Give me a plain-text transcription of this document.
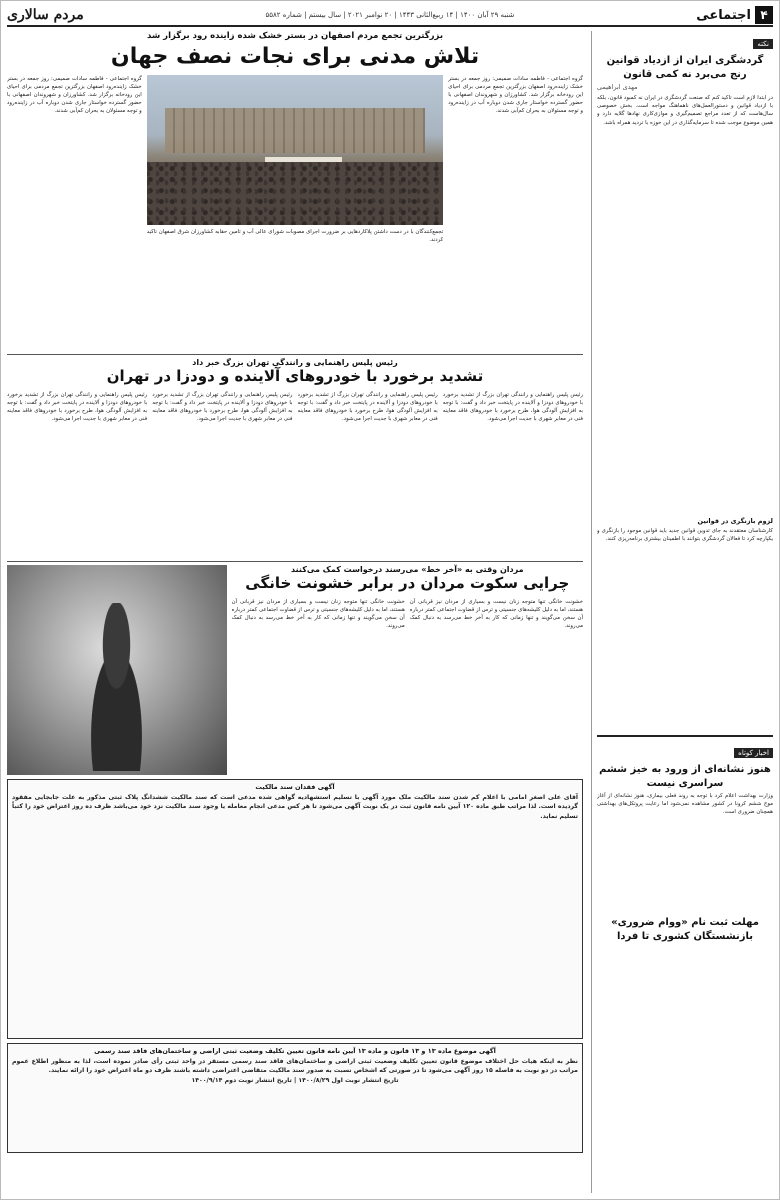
۴
اجتماعی
شنبه ۲۹ آبان ۱۴۰۰ | ۱۴ ربیع‌الثانی ۱۴۴۳ | ۲۰ نوامبر ۲۰۲۱ | سال بیستم | شماره ۵۵۸۲
مردم سالاری
نکته
گردشگری ایران از ازدیاد قوانین رنج می‌برد نه کمی قانون
مهدی ابراهیمی
در ابتدا لازم است تاکید کنم که صنعت گردشگری در ایران نه کمبود قانون، بلکه با ازدیاد قوانین و دستورالعمل‌های ناهماهنگ مواجه است. بخش خصوصی سال‌هاست که از تعدد مراجع تصمیم‌گیری و موازی‌کاری نهادها گلایه دارد و همین موضوع موجب شده تا سرمایه‌گذاری در این حوزه با تردید همراه باشد.
لزوم بازنگری در قوانین
کارشناسان معتقدند به جای تدوین قوانین جدید باید قوانین موجود را بازنگری و یکپارچه کرد تا فعالان گردشگری بتوانند با اطمینان بیشتری برنامه‌ریزی کنند.
اخبار کوتاه
هنوز نشانه‌ای از ورود به خیز ششم سراسری نیست
وزارت بهداشت اعلام کرد با توجه به روند فعلی بیماری، هنوز نشانه‌ای از آغاز موج ششم کرونا در کشور مشاهده نمی‌شود اما رعایت پروتکل‌های بهداشتی همچنان ضروری است.
مهلت ثبت نام «ووام ضروری» بازنشستگان کشوری تا فردا
بزرگترین تجمع مردم اصفهان در بستر خشک شده زاینده رود برگزار شد
تلاش مدنی برای نجات نصف جهان
گروه اجتماعی - فاطمه سادات صمیمی: روز جمعه در بستر خشک زاینده‌رود اصفهان بزرگترین تجمع مردمی برای احیای این رودخانه برگزار شد. کشاورزان و شهروندان اصفهانی با حضور گسترده خواستار جاری شدن دوباره آب در زاینده‌رود و توجه مسئولان به بحران کم‌آبی شدند.
تجمع‌کنندگان با در دست داشتن پلاکاردهایی بر ضرورت اجرای مصوبات شورای عالی آب و تامین حقابه کشاورزان شرق اصفهان تاکید کردند.
گروه اجتماعی - فاطمه سادات صمیمی: روز جمعه در بستر خشک زاینده‌رود اصفهان بزرگترین تجمع مردمی برای احیای این رودخانه برگزار شد. کشاورزان و شهروندان اصفهانی با حضور گسترده خواستار جاری شدن دوباره آب در زاینده‌رود و توجه مسئولان به بحران کم‌آبی شدند.
رئیس پلیس راهنمایی و رانندگی تهران بزرگ خبر داد
تشدید برخورد با خودروهای آلاینده و دودزا در تهران
رئیس پلیس راهنمایی و رانندگی تهران بزرگ از تشدید برخورد با خودروهای دودزا و آلاینده در پایتخت خبر داد و گفت: با توجه به افزایش آلودگی هوا، طرح برخورد با خودروهای فاقد معاینه فنی در معابر شهری با جدیت اجرا می‌شود.
رئیس پلیس راهنمایی و رانندگی تهران بزرگ از تشدید برخورد با خودروهای دودزا و آلاینده در پایتخت خبر داد و گفت: با توجه به افزایش آلودگی هوا، طرح برخورد با خودروهای فاقد معاینه فنی در معابر شهری با جدیت اجرا می‌شود.
رئیس پلیس راهنمایی و رانندگی تهران بزرگ از تشدید برخورد با خودروهای دودزا و آلاینده در پایتخت خبر داد و گفت: با توجه به افزایش آلودگی هوا، طرح برخورد با خودروهای فاقد معاینه فنی در معابر شهری با جدیت اجرا می‌شود.
رئیس پلیس راهنمایی و رانندگی تهران بزرگ از تشدید برخورد با خودروهای دودزا و آلاینده در پایتخت خبر داد و گفت: با توجه به افزایش آلودگی هوا، طرح برخورد با خودروهای فاقد معاینه فنی در معابر شهری با جدیت اجرا می‌شود.
مردان وقتی به «آخر خط» می‌رسند درخواست کمک می‌کنند
چرایی سکوت مردان در برابر خشونت خانگی
خشونت خانگی تنها متوجه زنان نیست و بسیاری از مردان نیز قربانی آن هستند، اما به دلیل کلیشه‌های جنسیتی و ترس از قضاوت اجتماعی کمتر درباره آن سخن می‌گویند و تنها زمانی که کار به آخر خط می‌رسد به دنبال کمک می‌روند.
خشونت خانگی تنها متوجه زنان نیست و بسیاری از مردان نیز قربانی آن هستند، اما به دلیل کلیشه‌های جنسیتی و ترس از قضاوت اجتماعی کمتر درباره آن سخن می‌گویند و تنها زمانی که کار به آخر خط می‌رسد به دنبال کمک می‌روند.
آگهی فقدان سند مالکیت
آقای علی اصغر امامی با اعلام کم شدن سند مالکیت ملک مورد آگهی با تسلیم استشهادیه گواهی شده مدعی است که سند مالکیت ششدانگ پلاک ثبتی مذکور به علت جابجایی مفقود گردیده است. لذا مراتب طبق ماده ۱۲۰ آیین نامه قانون ثبت در یک نوبت آگهی می‌شود تا هر کس مدعی انجام معامله یا وجود سند مالکیت نزد خود می‌باشد ظرف ده روز اعتراض خود را کتباً تسلیم نماید.
آگهی موضوع ماده ۱۳ و ۱۳ قانون و ماده ۱۳ آیین نامه قانون تعیین تکلیف وضعیت ثبتی اراضی و ساختمان‌های فاقد سند رسمی
نظر به اینکه هیات حل اختلاف موضوع قانون تعیین تکلیف وضعیت ثبتی اراضی و ساختمان‌های فاقد سند رسمی مستقر در واحد ثبتی رأی صادر نموده است، لذا به منظور اطلاع عموم مراتب در دو نوبت به فاصله ۱۵ روز آگهی می‌شود تا در صورتی که اشخاص نسبت به صدور سند مالکیت متقاضی اعتراضی داشته باشند ظرف دو ماه اعتراض خود را ارائه نمایند.
تاریخ انتشار نوبت اول ۱۴۰۰/۸/۲۹ | تاریخ انتشار نوبت دوم ۱۴۰۰/۹/۱۴
